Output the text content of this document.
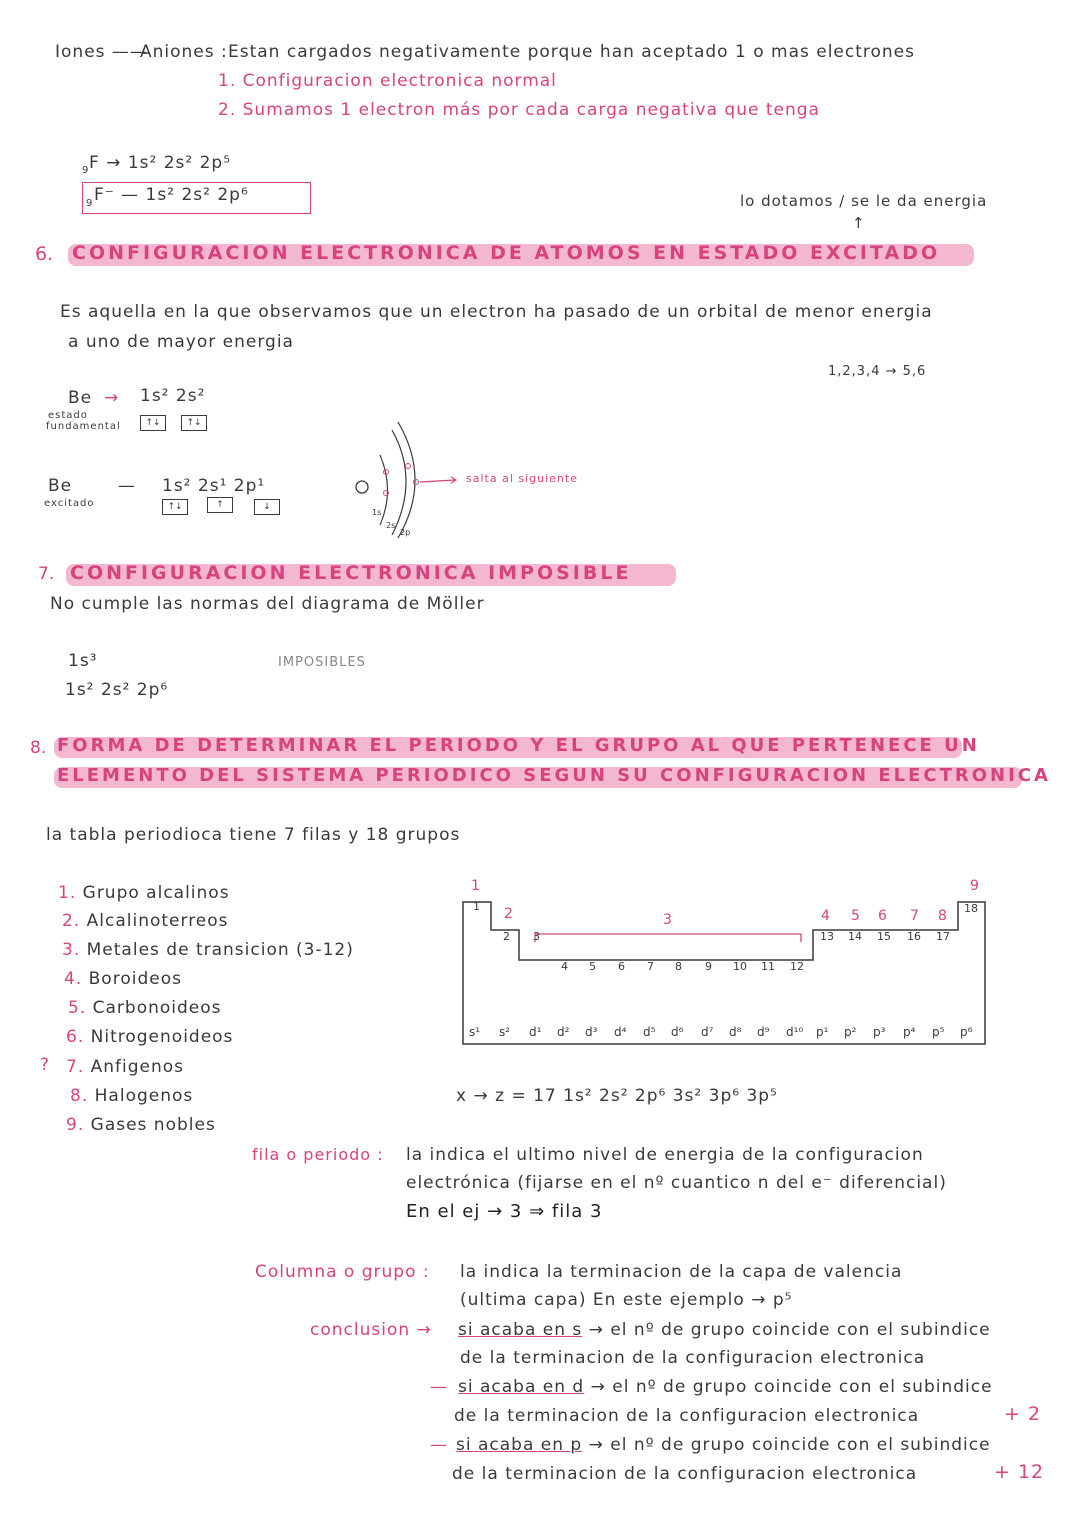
Iones ——
Aniones : Estan cargados negativamente porque han aceptado 1 o mas electrones
1. Configuracion electronica normal
2. Sumamos 1 electron más por cada carga negativa que tenga
9 F → 1s² 2s² 2p⁵
9 F⁻ — 1s² 2s² 2p⁶	lo dotamos / se le da energia
↑
6. CONFIGURACION ELECTRONICA DE ATOMOS EN ESTADO EXCITADO
Es aquella en la que observamos que un electron ha pasado de un orbital de menor energia
a uno de mayor energia
1,2,3,4 → 5,6
Be →
estado
fundamental
1s² 2s²
↑↓	↑↓
Be
excitado
— 1s² 2s¹ 2p¹
↑↓	↑	↓
salta al siguiente
1s
2s
2p
7. CONFIGURACION ELECTRONICA IMPOSIBLE
No cumple las normas del diagrama de Möller
1s³
1s² 2s² 2p⁶
IMPOSIBLES
8. FORMA DE DETERMINAR EL PERIODO Y EL GRUPO AL QUE PERTENECE UN
ELEMENTO DEL SISTEMA PERIODICO SEGUN SU CONFIGURACION ELECTRONICA
la tabla periodioca tiene 7 filas y 18 grupos
?
1. Grupo alcalinos
2. Alcalinoterreos
3. Metales de transicion (3-12)
4. Boroideos
5. Carbonoideos
6. Nitrogenoideos
7. Anfigenos
8. Halogenos
9. Gases nobles
1
2 3
4 5 6 7 8 9 10 11 12
13 14 15 16 17
18
1
2	3	4 5 6 7 8
9
s¹ s² d¹ d² d³ d⁴ d⁵ d⁶ d⁷ d⁸ d⁹ d¹⁰ p¹ p² p³ p⁴ p⁵ p⁶
x → z = 17 1s² 2s² 2p⁶ 3s² 3p⁶ 3p⁵
fila o periodo : la indica el ultimo nivel de energia de la configuracion
electrónica (fijarse en el nº cuantico n del e⁻ diferencial)
En el ej → 3 ⇒ fila 3
Columna o grupo : la indica la terminacion de la capa de valencia
(ultima capa) En este ejemplo → p⁵
conclusion → si acaba en s → el nº de grupo coincide con el subindice
de la terminacion de la configuracion electronica
— si acaba en d → el nº de grupo coincide con el subindice
de la terminacion de la configuracion electronica	+ 2
— si acaba en p → el nº de grupo coincide con el subindice
de la terminacion de la configuracion electronica	+ 12
